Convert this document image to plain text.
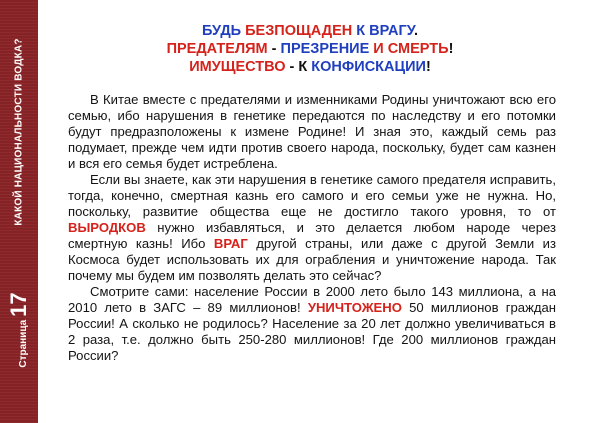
КАКОЙ НАЦИОНАЛЬНОСТИ ВОДКА?
Страница
17
БУДЬ БЕЗПОЩАДЕН К ВРАГУ.
ПРЕДАТЕЛЯМ - ПРЕЗРЕНИЕ И СМЕРТЬ!
ИМУЩЕСТВО - К КОНФИСКАЦИИ!

В Китае вместе с предателями и изменниками Родины уничтожают всю его семью, ибо нарушения в генетике передаются по наследству и его потомки будут предразположены к измене Родине! И зная это, каждый семь раз подумает, прежде чем идти против своего народа, поскольку, будет сам казнен и вся его семья будет истреблена.

Если вы знаете, как эти нарушения в генетике самого предателя исправить, тогда, конечно, смертная казнь его самого и его семьи уже не нужна. Но, поскольку, развитие общества еще не достигло такого уровня, то от ВЫРОДКОВ нужно избавляться, и это делается любом народе через смертную казнь! Ибо ВРАГ другой страны, или даже с другой Земли из Космоса будет использовать их для ограбления и уничтожение народа. Так почему мы будем им позволять делать это сейчас?

Смотрите сами: население России в 2000 лето было 143 миллиона, а на 2010 лето в ЗАГС – 89 миллионов! УНИЧТОЖЕНО 50 миллионов граждан России! А сколько не родилось? Население за 20 лет должно увеличиваться в 2 раза, т.е. должно быть 250-280 миллионов! Где 200 миллионов граждан России?
